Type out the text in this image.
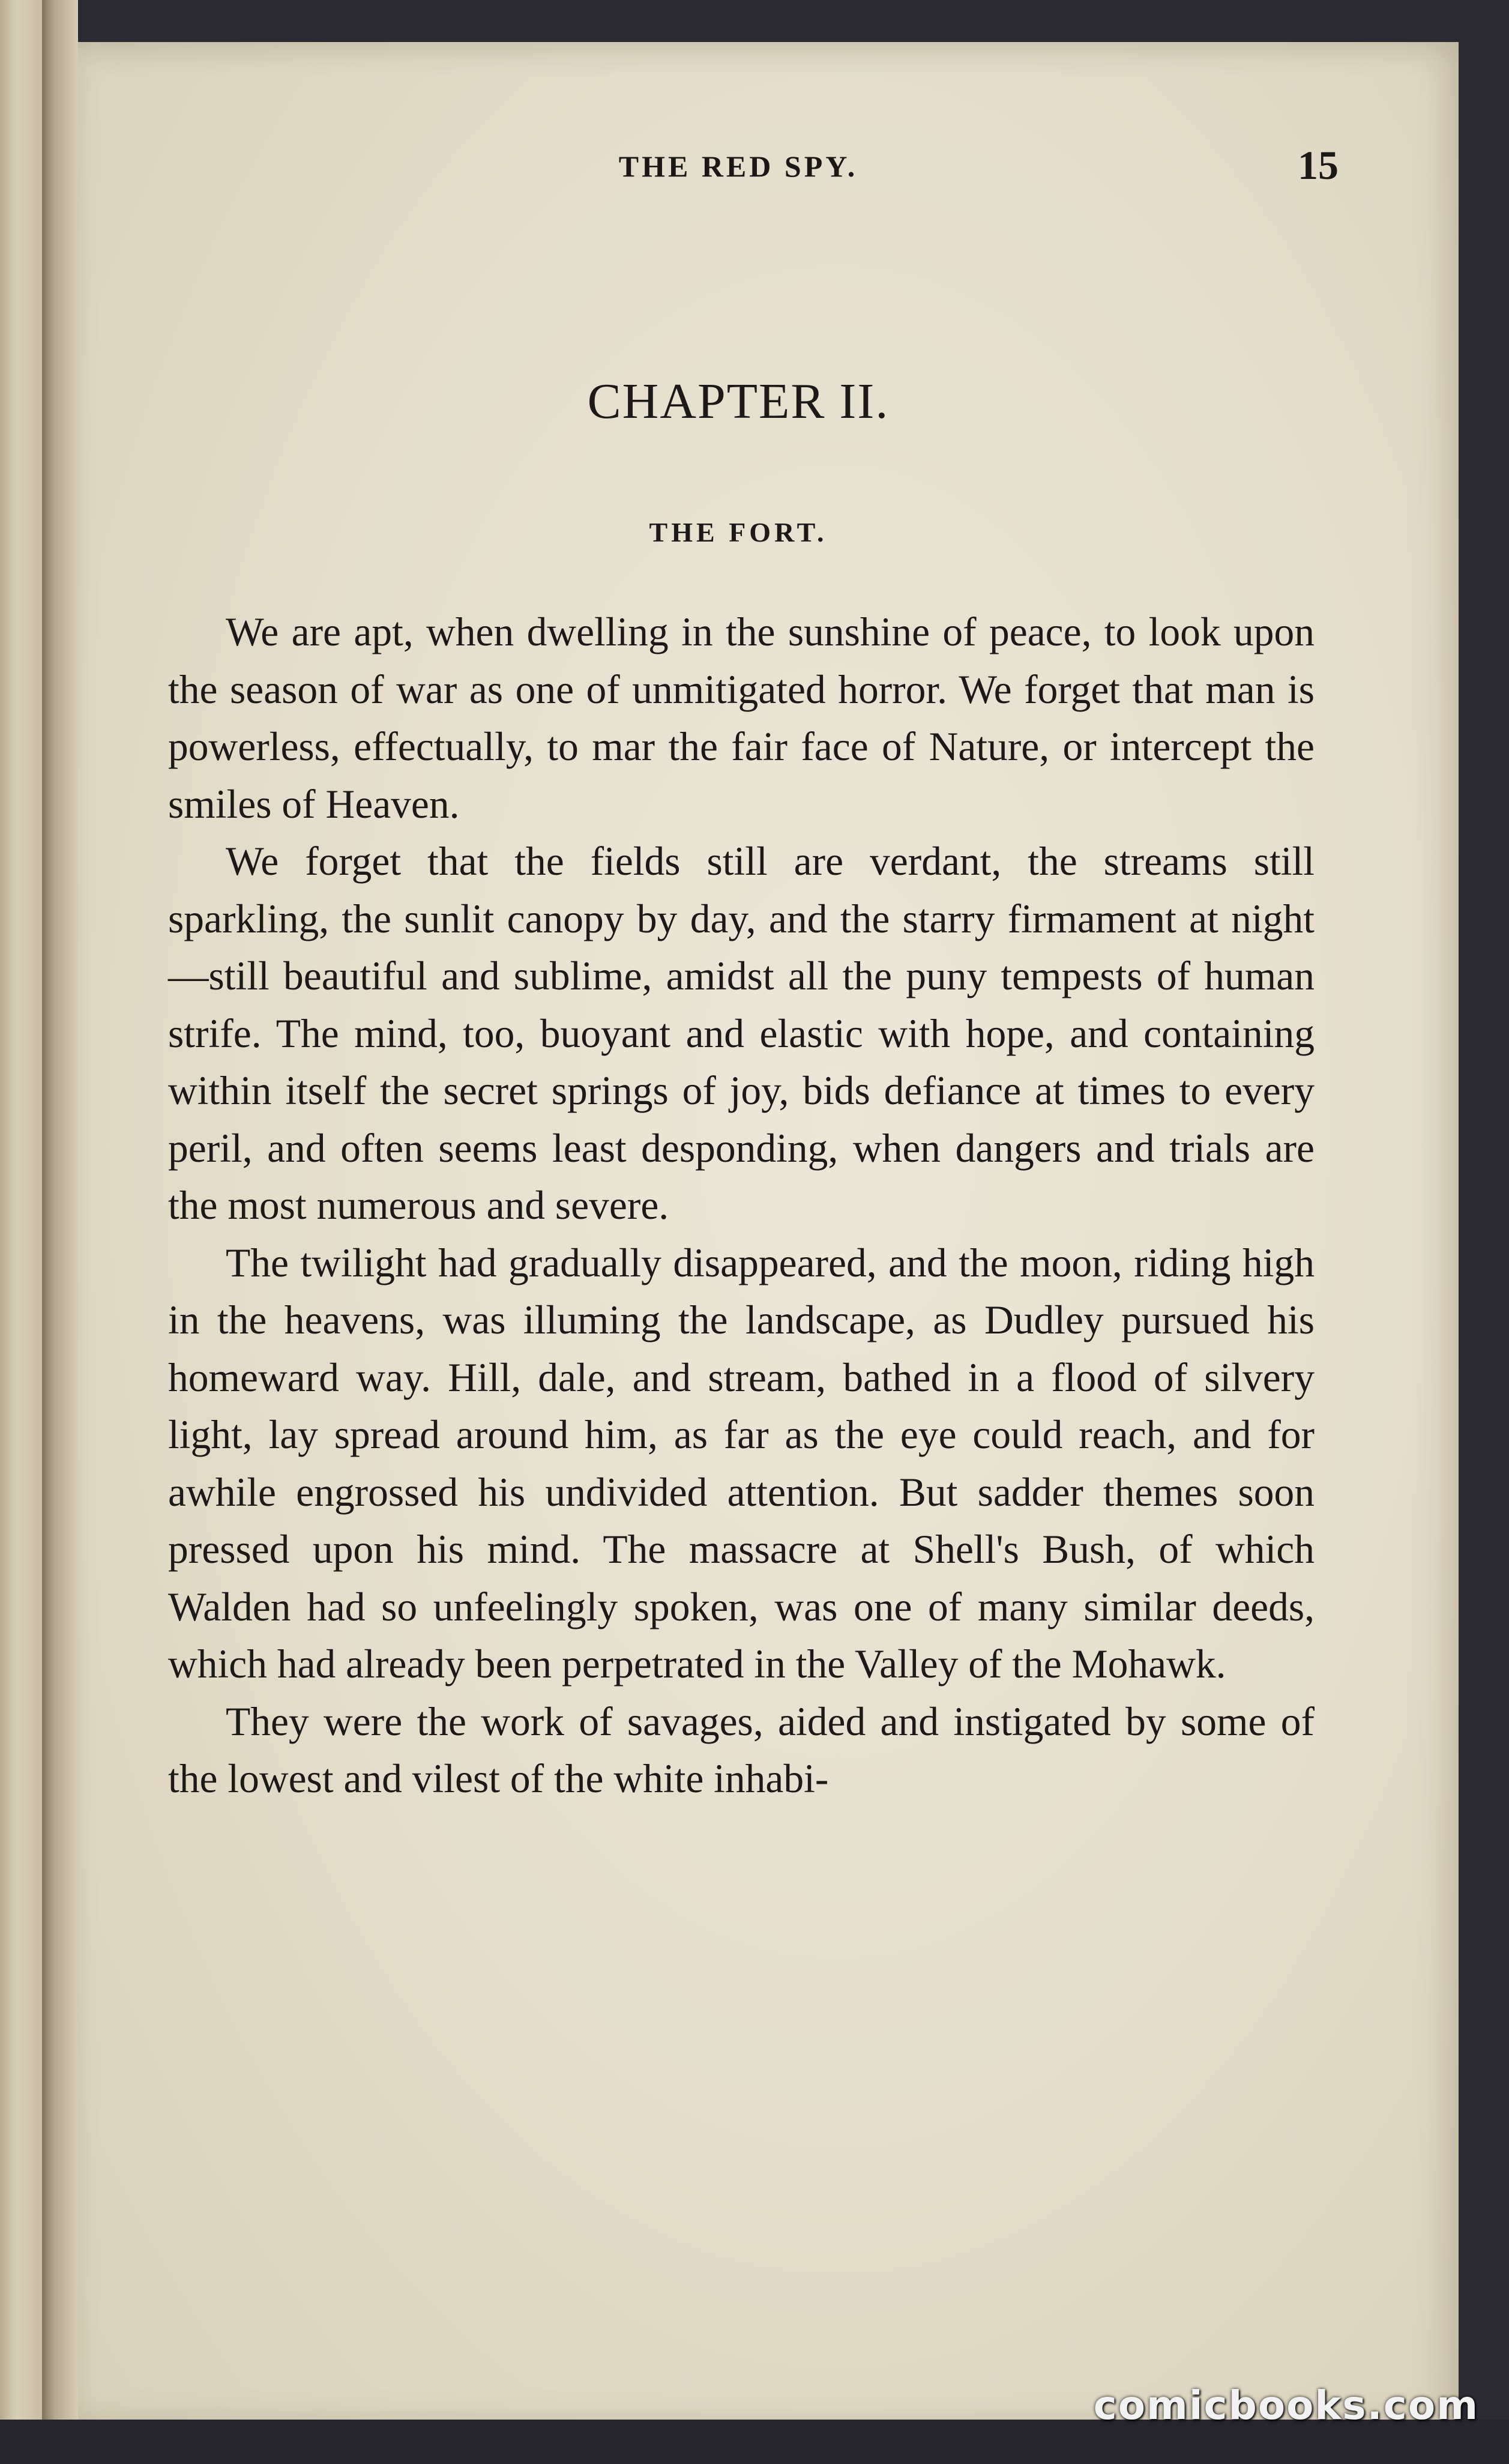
THE RED SPY.	15
CHAPTER II.
THE FORT.

We are apt, when dwelling in the sunshine of peace, to look upon the season of war as one of unmitigated horror. We forget that man is powerless, effectually, to mar the fair face of Nature, or intercept the smiles of Heaven.

We forget that the fields still are verdant, the streams still sparkling, the sunlit canopy by day, and the starry firmament at night—still beautiful and sublime, amidst all the puny tempests of human strife. The mind, too, buoyant and elastic with hope, and containing within itself the secret springs of joy, bids defiance at times to every peril, and often seems least desponding, when dangers and trials are the most numerous and severe.

The twilight had gradually disappeared, and the moon, riding high in the heavens, was illuming the landscape, as Dudley pursued his homeward way. Hill, dale, and stream, bathed in a flood of silvery light, lay spread around him, as far as the eye could reach, and for awhile engrossed his undivided attention. But sadder themes soon pressed upon his mind. The massacre at Shell's Bush, of which Walden had so unfeelingly spoken, was one of many similar deeds, which had already been perpetrated in the Valley of the Mohawk.

They were the work of savages, aided and instigated by some of the lowest and vilest of the white inhabi-

comicbooks.com
